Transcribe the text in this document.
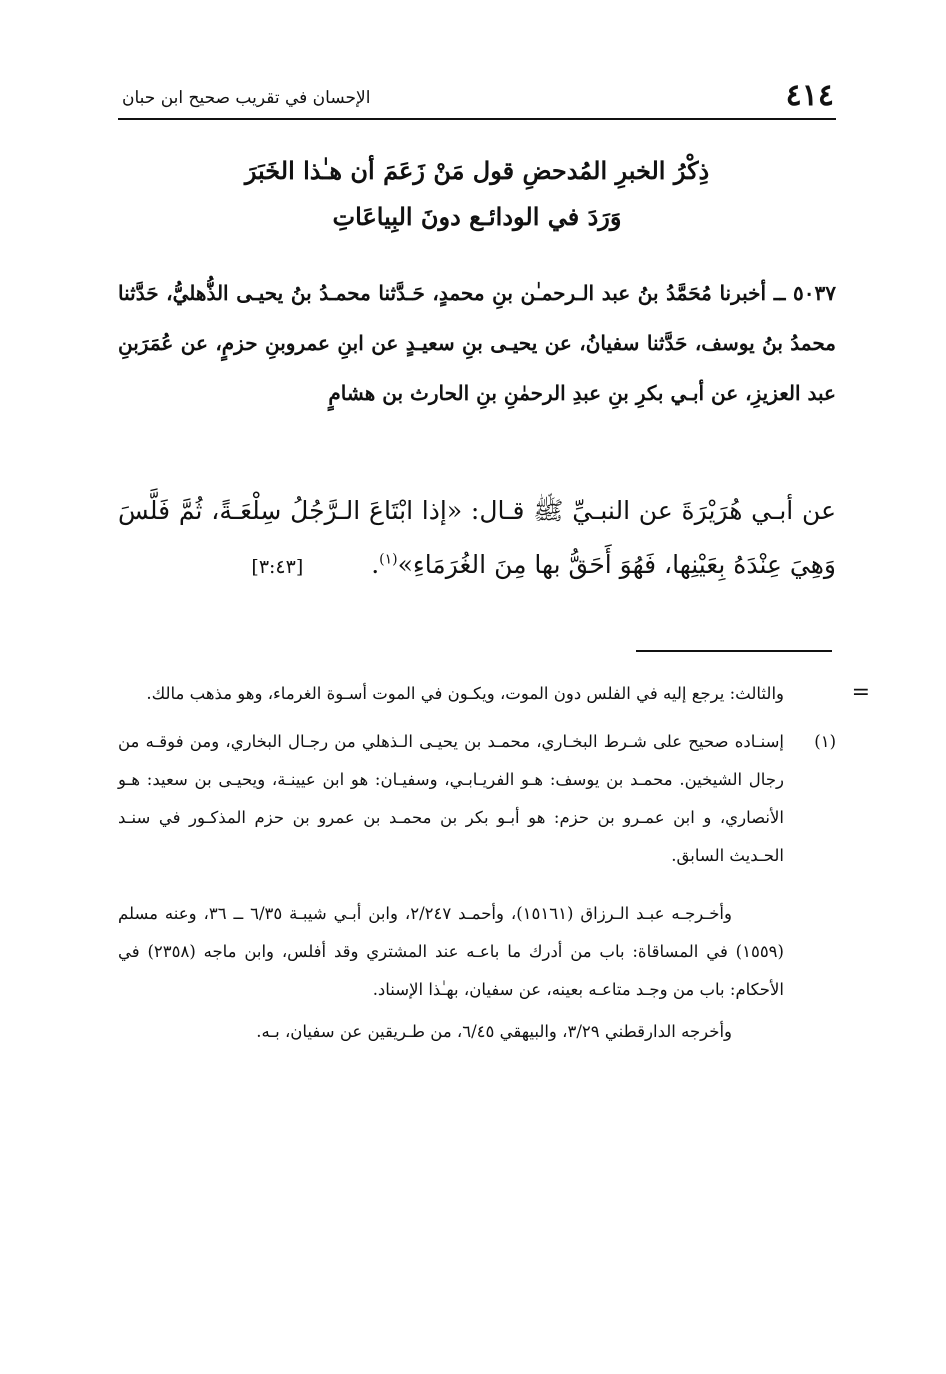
٤١٤
الإحسان في تقريب صحيح ابن حبان
ذِكْرُ الخبرِ المُدحضِ قول مَنْ زَعَمَ أن هـٰذا الخَبَرَ
وَرَدَ في الودائـع دونَ البِياعَاتِ
٥٠٣٧ ــ أخبرنا مُحَمَّدُ بنُ عبد الـرحمـٰن بنِ محمدٍ، حَـدَّثنا محمـدُ بنُ يحيـى الذُّهليُّ، حَدَّثنا محمدُ بنُ يوسف، حَدَّثنا سفيانُ، عن يحيـى بنِ سعيـدٍ عن ابنِ عمروبنِ حزمٍ، عن عُمَرَبنِ عبد العزيزِ، عن أبـي بكرِ بنِ عبدِ الرحمٰنِ بنِ الحارث بن هشامٍ
عن أبـي هُرَيْرَةَ عن النبـيِّ ﷺ قـال: «إذا ابْتَاعَ الـرَّجُلُ سِلْعَـةً، ثُمَّ فَلَّسَ وَهِيَ عِنْدَهُ بِعَيْنِها، فَهُوَ أَحَقُّ بها مِنَ الغُرَمَاءِ»$^{(١)}$. [٣:٤٣]
=
والثالث: يرجع إليه في الفلس دون الموت، ويكـون في الموت أسـوة الغرماء، وهو مذهب مالك.
(١)
إسنـاده صحيح على شـرط البخـاري، محمـد بن يحيـى الـذهلي من رجـال البخاري، ومن فوقـه من رجال الشيخين. محمـد بن يوسف: هـو الفريـابـي، وسفيـان: هو ابن عيينـة، ويحيـى بن سعيد: هـو الأنصاري، و ابن عمـرو بن حزم: هو أبـو بكر بن محمـد بن عمرو بن حزم المذكـور في سنـد الحـديث السابق.
وأخـرجـه عبـد الـرزاق (١٥١٦١)، وأحمـد ٢/٢٤٧، وابن أبـي شيبـة ٦/٣٥ ــ ٣٦، وعنه مسلم (١٥٥٩) في المساقاة: باب من أدرك ما باعـه عند المشتري وقد أفلس، وابن ماجه (٢٣٥٨) في الأحكام: باب من وجـد متاعـه بعينه، عن سفيان، بهـٰذا الإسناد.
وأخرجه الدارقطني ٣/٢٩، والبيهقي ٦/٤٥، من طـريقين عن سفيان، بـه.
